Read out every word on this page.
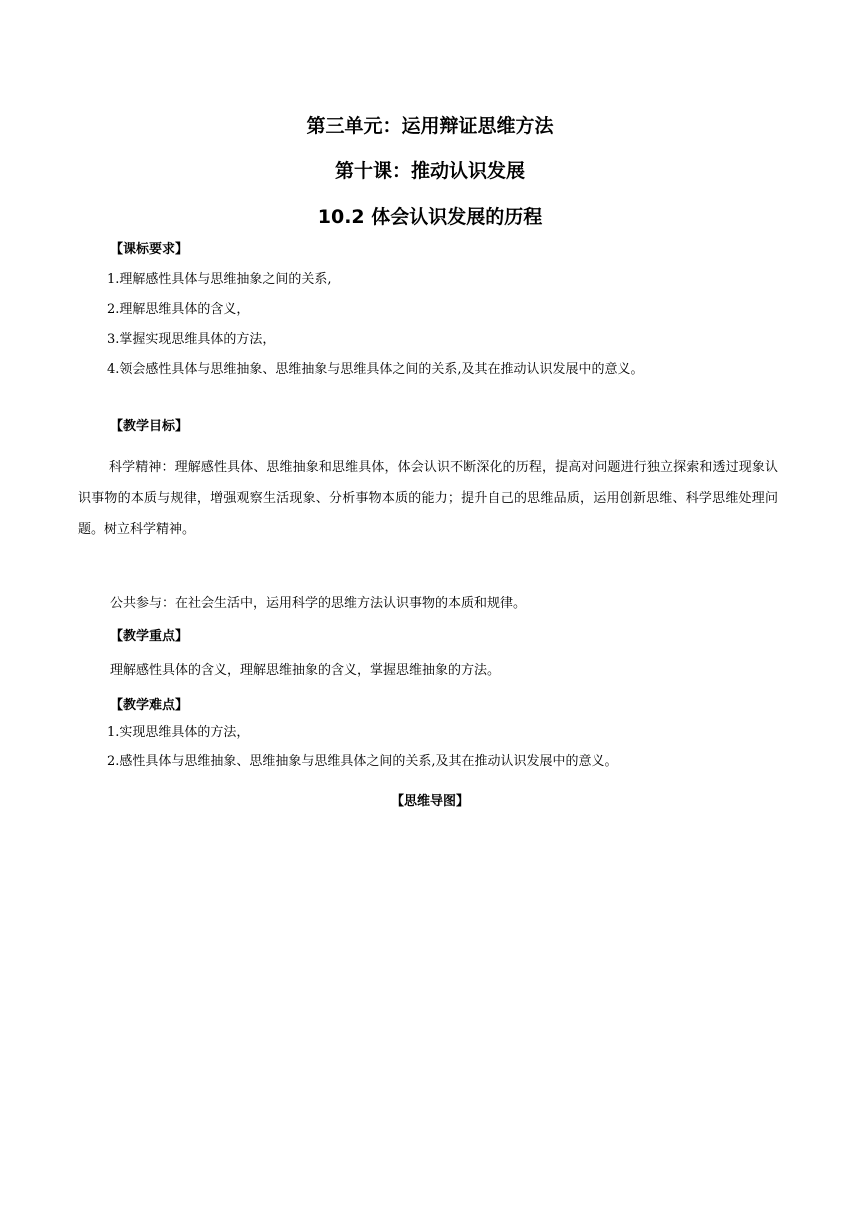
第三单元：运用辩证思维方法
第十课：推动认识发展
10.2 体会认识发展的历程
【课标要求】
1.理解感性具体与思维抽象之间的关系,
2.理解思维具体的含义，
3.掌握实现思维具体的方法，
4.领会感性具体与思维抽象、思维抽象与思维具体之间的关系,及其在推动认识发展中的意义。
【教学目标】

科学精神：理解感性具体、思维抽象和思维具体，体会认识不断深化的历程，提高对问题进行独立探索和透过现象认识事物的本质与规律，增强观察生活现象、分析事物本质的能力；提升自己的思维品质，运用创新思维、科学思维处理问题。树立科学精神。

公共参与：在社会生活中，运用科学的思维方法认识事物的本质和规律。
【教学重点】
理解感性具体的含义，理解思维抽象的含义，掌握思维抽象的方法。
【教学难点】
1.实现思维具体的方法，
2.感性具体与思维抽象、思维抽象与思维具体之间的关系,及其在推动认识发展中的意义。
【思维导图】
